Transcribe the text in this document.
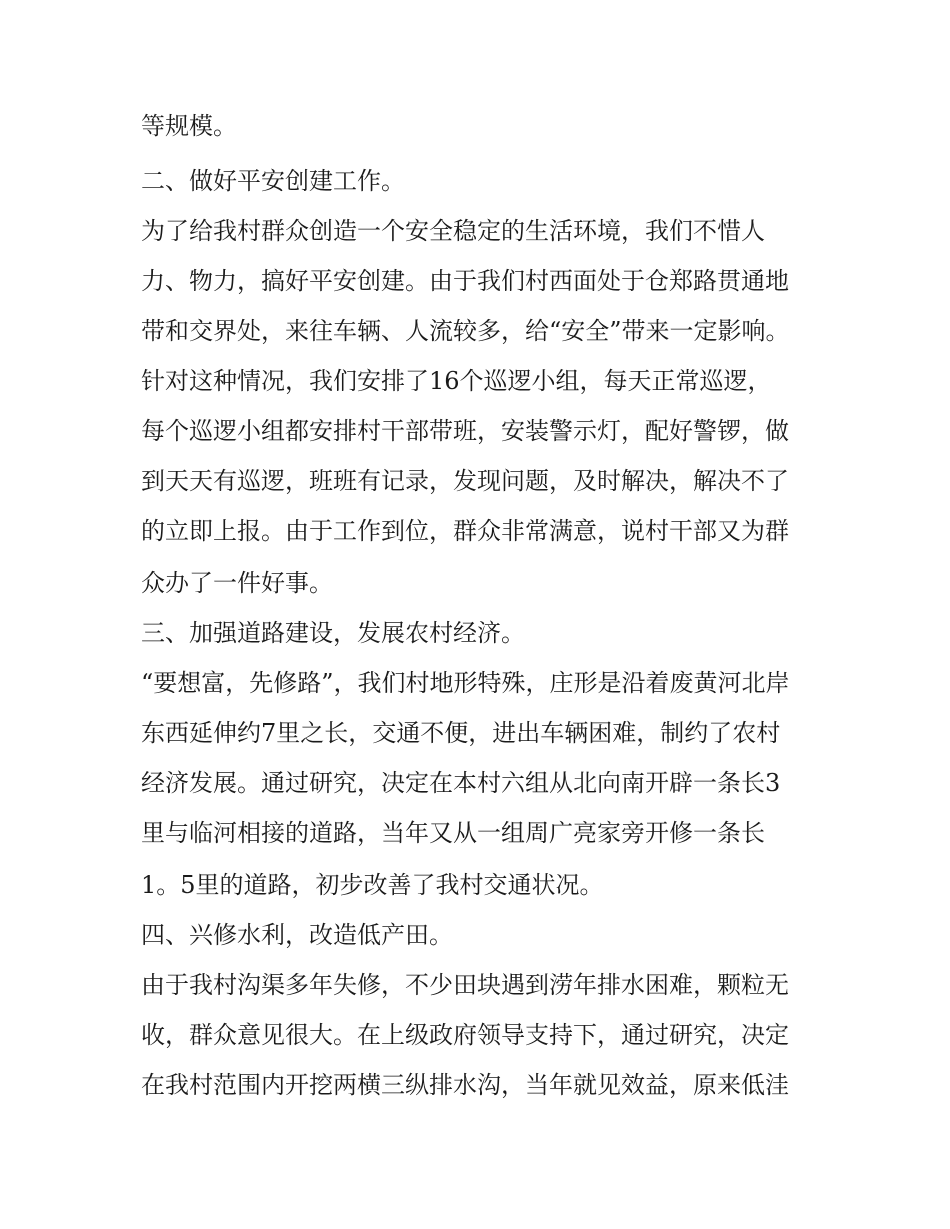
等规模。
二、做好平安创建工作。
为了给我村群众创造一个安全稳定的生活环境，我们不惜人
力、物力，搞好平安创建。由于我们村西面处于仓郑路贯通地
带和交界处，来往车辆、人流较多，给“安全”带来一定影响。
针对这种情况，我们安排了16个巡逻小组，每天正常巡逻，
每个巡逻小组都安排村干部带班，安装警示灯，配好警锣，做
到天天有巡逻，班班有记录，发现问题，及时解决，解决不了
的立即上报。由于工作到位，群众非常满意，说村干部又为群
众办了一件好事。
三、加强道路建设，发展农村经济。
“要想富，先修路”，我们村地形特殊，庄形是沿着废黄河北岸
东西延伸约7里之长，交通不便，进出车辆困难，制约了农村
经济发展。通过研究，决定在本村六组从北向南开辟一条长3
里与临河相接的道路，当年又从一组周广亮家旁开修一条长
1。5里的道路，初步改善了我村交通状况。
四、兴修水利，改造低产田。
由于我村沟渠多年失修，不少田块遇到涝年排水困难，颗粒无
收，群众意见很大。在上级政府领导支持下，通过研究，决定
在我村范围内开挖两横三纵排水沟，当年就见效益，原来低洼
